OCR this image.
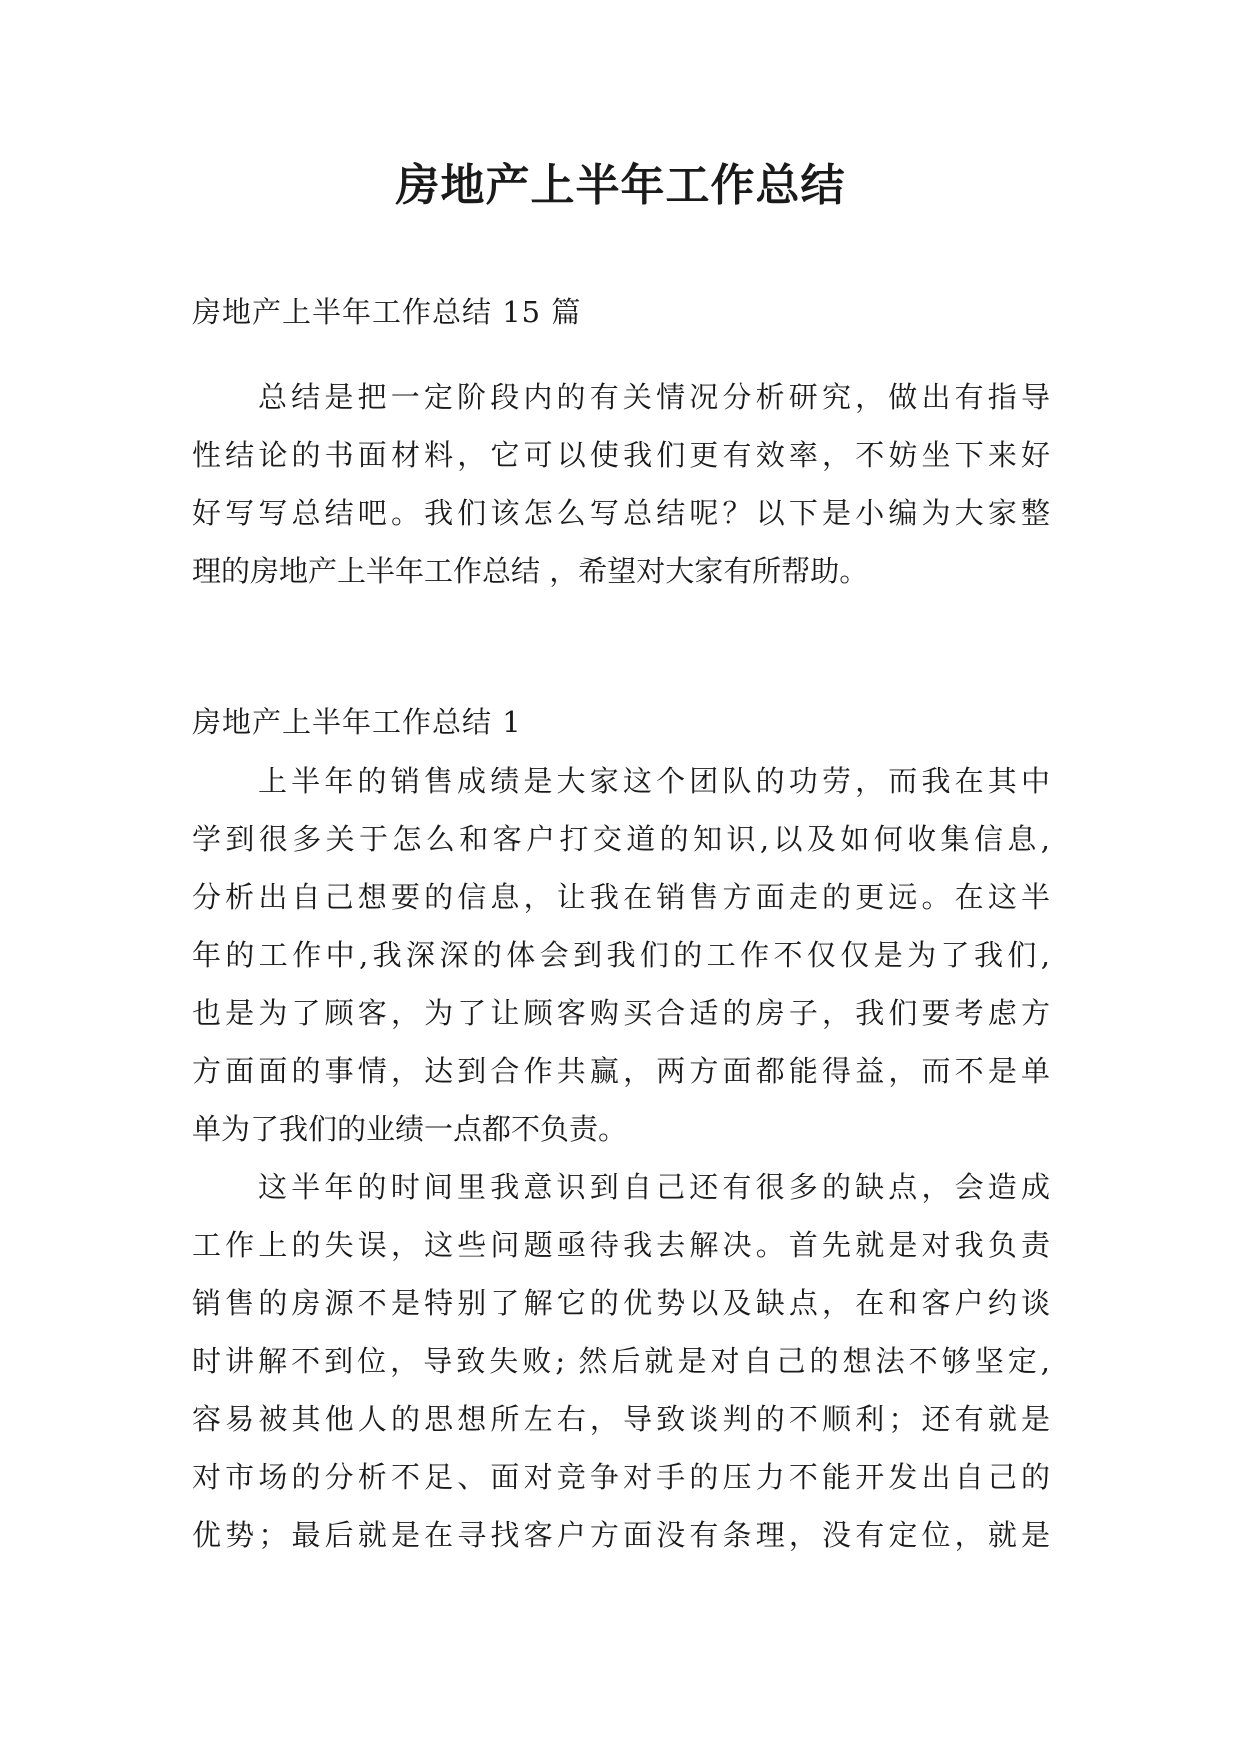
房地产上半年工作总结

房地产上半年工作总结 15 篇

总结是把一定阶段内的有关情况分析研究，做出有指导
性结论的书面材料，它可以使我们更有效率，不妨坐下来好
好写写总结吧。我们该怎么写总结呢？以下是小编为大家整
理的房地产上半年工作总结 ，希望对大家有所帮助。

房地产上半年工作总结 1

上半年的销售成绩是大家这个团队的功劳，而我在其中
学到很多关于怎么和客户打交道的知识,以及如何收集信息,
分析出自己想要的信息，让我在销售方面走的更远。在这半
年的工作中,我深深的体会到我们的工作不仅仅是为了我们,
也是为了顾客，为了让顾客购买合适的房子，我们要考虑方
方面面的事情，达到合作共赢，两方面都能得益，而不是单
单为了我们的业绩一点都不负责。
这半年的时间里我意识到自己还有很多的缺点，会造成
工作上的失误，这些问题亟待我去解决。首先就是对我负责
销售的房源不是特别了解它的优势以及缺点，在和客户约谈
时讲解不到位，导致失败; 然后就是对自己的想法不够坚定,
容易被其他人的思想所左右，导致谈判的不顺利；还有就是
对市场的分析不足、面对竞争对手的压力不能开发出自己的
优势；最后就是在寻找客户方面没有条理，没有定位，就是
